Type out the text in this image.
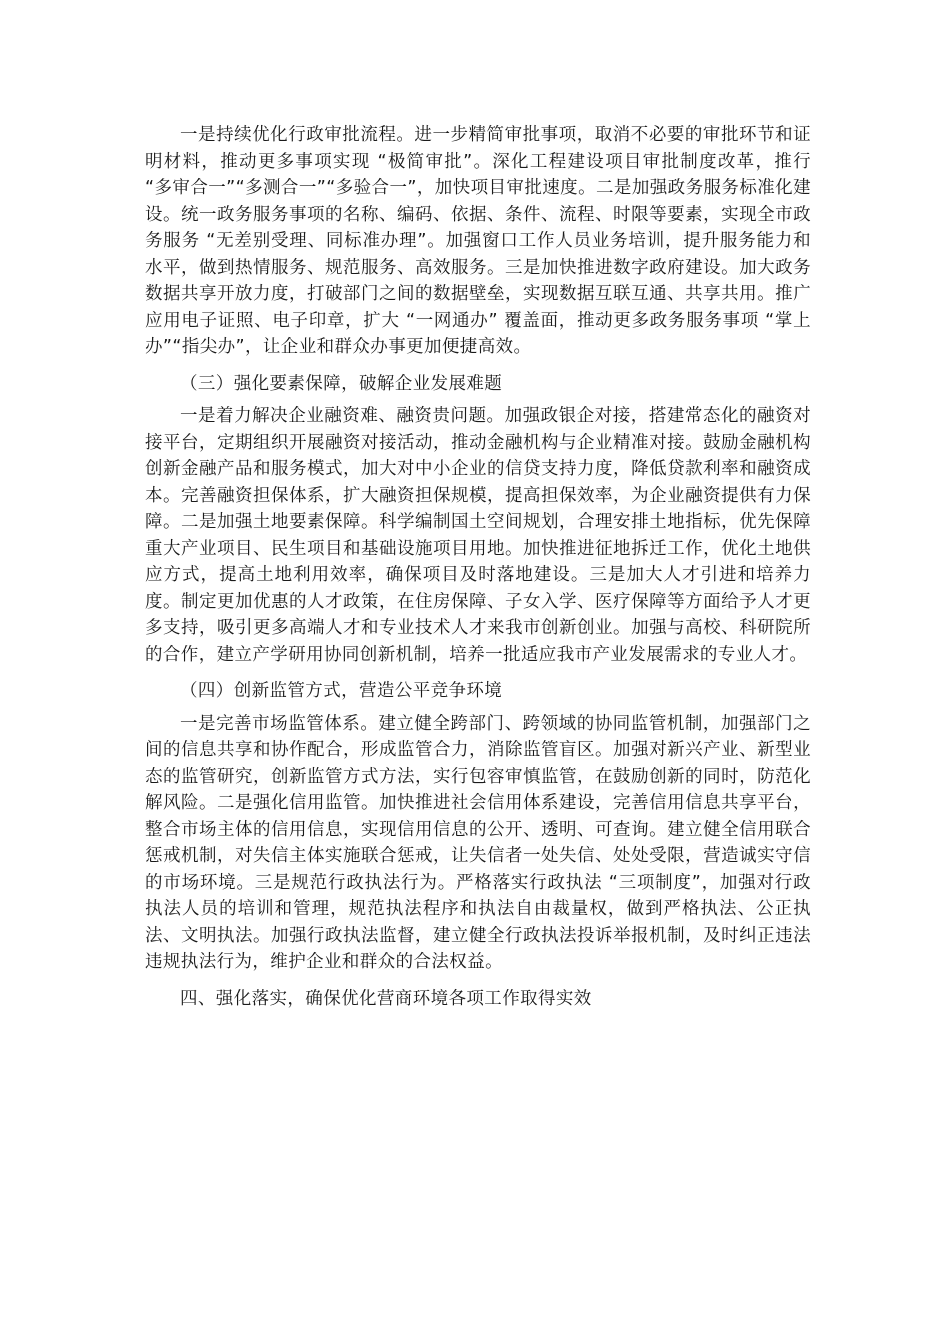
一是持续优化行政审批流程。进一步精简审批事项，取消不必要的审批环节和证明材料，推动更多事项实现 “极简审批”。深化工程建设项目审批制度改革，推行 “多审合一”“多测合一”“多验合一”，加快项目审批速度。二是加强政务服务标准化建设。统一政务服务事项的名称、编码、依据、条件、流程、时限等要素，实现全市政务服务 “无差别受理、同标准办理”。加强窗口工作人员业务培训，提升服务能力和水平，做到热情服务、规范服务、高效服务。三是加快推进数字政府建设。加大政务数据共享开放力度，打破部门之间的数据壁垒，实现数据互联互通、共享共用。推广应用电子证照、电子印章，扩大 “一网通办” 覆盖面，推动更多政务服务事项 “掌上办”“指尖办”，让企业和群众办事更加便捷高效。

（三）强化要素保障，破解企业发展难题

一是着力解决企业融资难、融资贵问题。加强政银企对接，搭建常态化的融资对接平台，定期组织开展融资对接活动，推动金融机构与企业精准对接。鼓励金融机构创新金融产品和服务模式，加大对中小企业的信贷支持力度，降低贷款利率和融资成本。完善融资担保体系，扩大融资担保规模，提高担保效率，为企业融资提供有力保障。二是加强土地要素保障。科学编制国土空间规划，合理安排土地指标，优先保障重大产业项目、民生项目和基础设施项目用地。加快推进征地拆迁工作，优化土地供应方式，提高土地利用效率，确保项目及时落地建设。三是加大人才引进和培养力度。制定更加优惠的人才政策，在住房保障、子女入学、医疗保障等方面给予人才更多支持，吸引更多高端人才和专业技术人才来我市创新创业。加强与高校、科研院所的合作，建立产学研用协同创新机制，培养一批适应我市产业发展需求的专业人才。

（四）创新监管方式，营造公平竞争环境

一是完善市场监管体系。建立健全跨部门、跨领域的协同监管机制，加强部门之间的信息共享和协作配合，形成监管合力，消除监管盲区。加强对新兴产业、新型业态的监管研究，创新监管方式方法，实行包容审慎监管，在鼓励创新的同时，防范化解风险。二是强化信用监管。加快推进社会信用体系建设，完善信用信息共享平台，整合市场主体的信用信息，实现信用信息的公开、透明、可查询。建立健全信用联合惩戒机制，对失信主体实施联合惩戒，让失信者一处失信、处处受限，营造诚实守信的市场环境。三是规范行政执法行为。严格落实行政执法 “三项制度”，加强对行政执法人员的培训和管理，规范执法程序和执法自由裁量权，做到严格执法、公正执法、文明执法。加强行政执法监督，建立健全行政执法投诉举报机制，及时纠正违法违规执法行为，维护企业和群众的合法权益。

四、强化落实，确保优化营商环境各项工作取得实效
